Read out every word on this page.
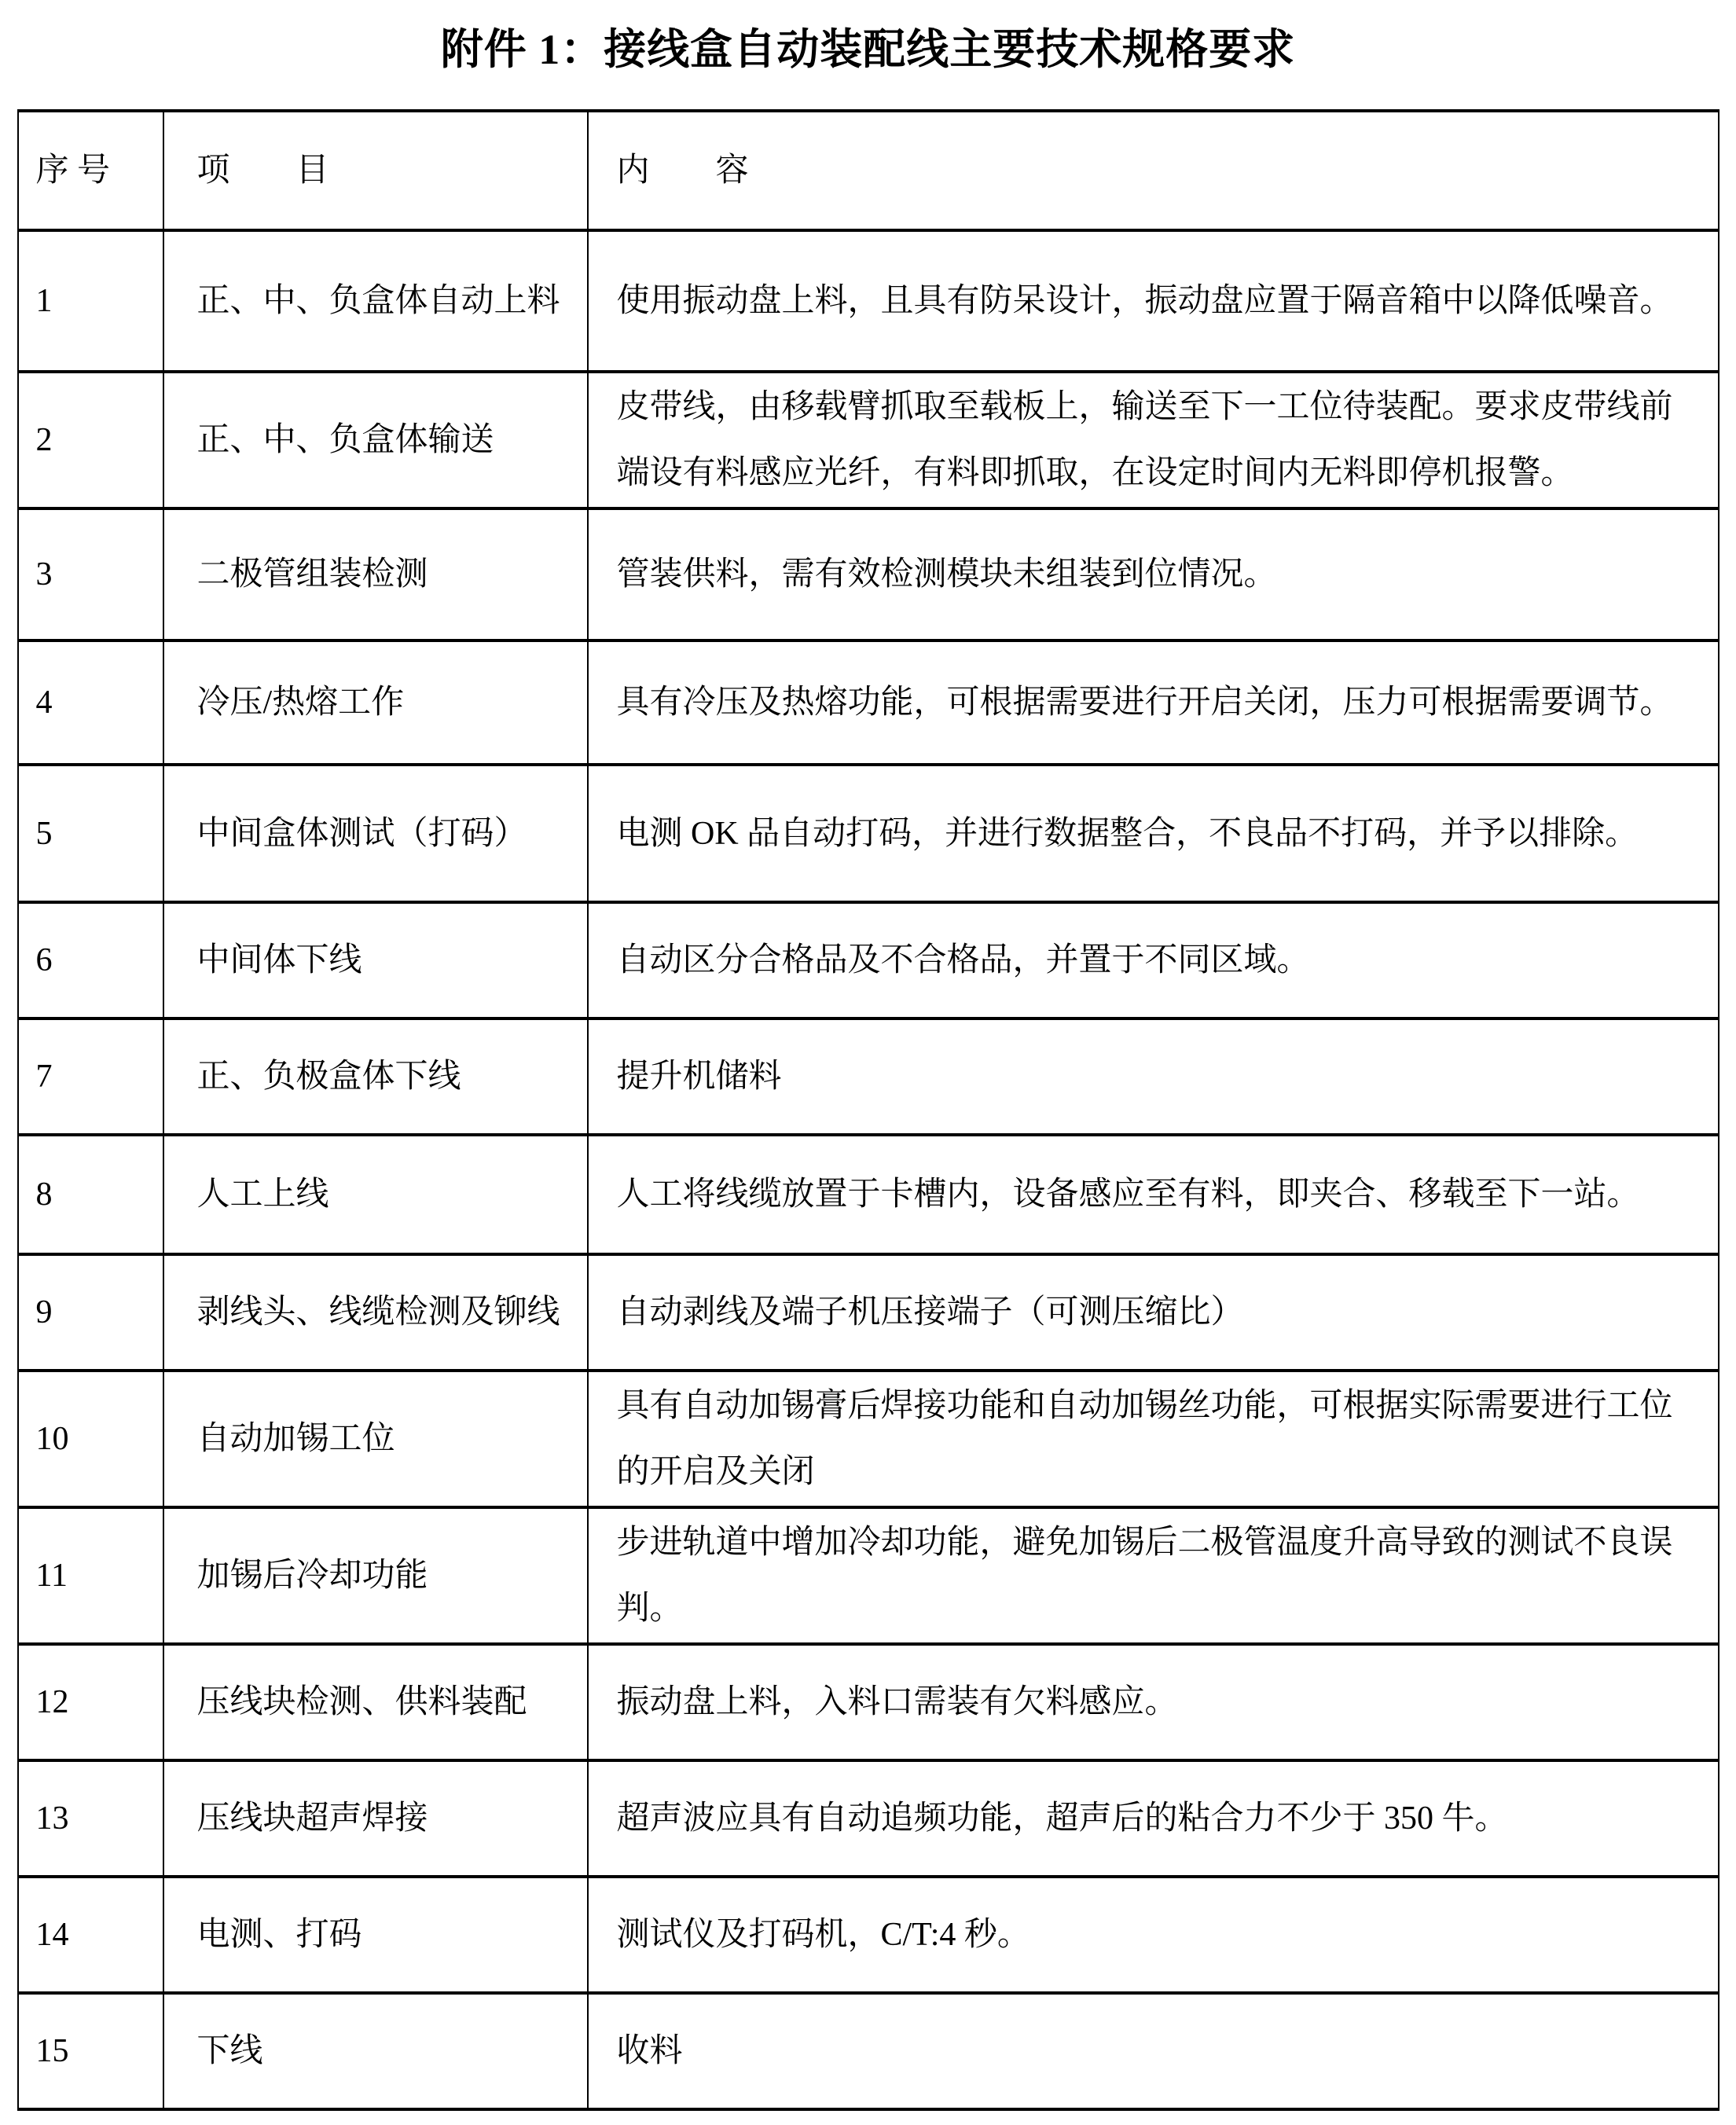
附件 1：接线盒自动装配线主要技术规格要求
序 号	项　　目	内　　容
1	正、中、负盒体自动上料	使用振动盘上料，且具有防呆设计，振动盘应置于隔音箱中以降低噪音。
2	正、中、负盒体输送	皮带线，由移载臂抓取至载板上，输送至下一工位待装配。要求皮带线前端设有料感应光纤，有料即抓取，在设定时间内无料即停机报警。
3	二极管组装检测	管装供料，需有效检测模块未组装到位情况。
4	冷压/热熔工作	具有冷压及热熔功能，可根据需要进行开启关闭，压力可根据需要调节。
5	中间盒体测试（打码）	电测 OK 品自动打码，并进行数据整合，不良品不打码，并予以排除。
6	中间体下线	自动区分合格品及不合格品，并置于不同区域。
7	正、负极盒体下线	提升机储料
8	人工上线	人工将线缆放置于卡槽内，设备感应至有料，即夹合、移载至下一站。
9	剥线头、线缆检测及铆线	自动剥线及端子机压接端子（可测压缩比）
10	自动加锡工位	具有自动加锡膏后焊接功能和自动加锡丝功能，可根据实际需要进行工位的开启及关闭
11	加锡后冷却功能	步进轨道中增加冷却功能，避免加锡后二极管温度升高导致的测试不良误判。
12	压线块检测、供料装配	振动盘上料，入料口需装有欠料感应。
13	压线块超声焊接	超声波应具有自动追频功能，超声后的粘合力不少于 350 牛。
14	电测、打码	测试仪及打码机，C/T:4 秒。
15	下线	收料
